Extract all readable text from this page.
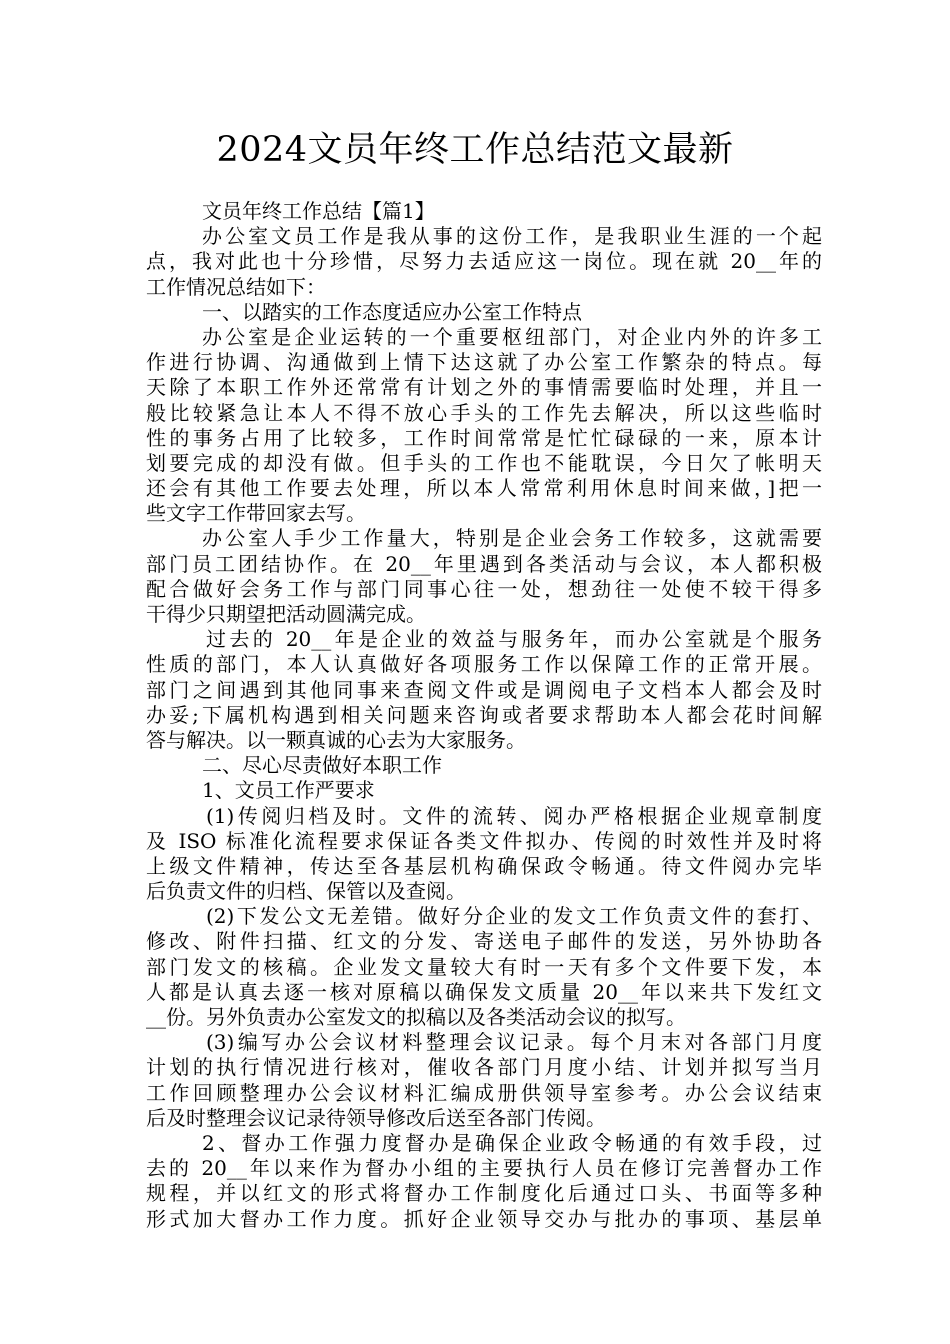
2024文员年终工作总结范文最新
文员年终工作总结【篇1】
办公室文员工作是我从事的这份工作，是我职业生涯的一个起
点，我对此也十分珍惜，尽努力去适应这一岗位。现在就 20__年的
工作情况总结如下：
一、以踏实的工作态度适应办公室工作特点
办公室是企业运转的一个重要枢纽部门，对企业内外的许多工
作进行协调、沟通做到上情下达这就了办公室工作繁杂的特点。每
天除了本职工作外还常常有计划之外的事情需要临时处理，并且一
般比较紧急让本人不得不放心手头的工作先去解决，所以这些临时
性的事务占用了比较多，工作时间常常是忙忙碌碌的一来，原本计
划要完成的却没有做。但手头的工作也不能耽误，今日欠了帐明天
还会有其他工作要去处理，所以本人常常利用休息时间来做，]把一
些文字工作带回家去写。
办公室人手少工作量大，特别是企业会务工作较多，这就需要
部门员工团结协作。在 20__年里遇到各类活动与会议，本人都积极
配合做好会务工作与部门同事心往一处，想劲往一处使不较干得多
干得少只期望把活动圆满完成。
过去的 20__年是企业的效益与服务年，而办公室就是个服务
性质的部门，本人认真做好各项服务工作以保障工作的正常开展。
部门之间遇到其他同事来查阅文件或是调阅电子文档本人都会及时
办妥;下属机构遇到相关问题来咨询或者要求帮助本人都会花时间解
答与解决。以一颗真诚的心去为大家服务。
二、尽心尽责做好本职工作
1、文员工作严要求
(1)传阅归档及时。文件的流转、阅办严格根据企业规章制度
及 ISO 标准化流程要求保证各类文件拟办、传阅的时效性并及时将
上级文件精神，传达至各基层机构确保政令畅通。待文件阅办完毕
后负责文件的归档、保管以及查阅。
(2)下发公文无差错。做好分企业的发文工作负责文件的套打、
修改、附件扫描、红文的分发、寄送电子邮件的发送，另外协助各
部门发文的核稿。企业发文量较大有时一天有多个文件要下发，本
人都是认真去逐一核对原稿以确保发文质量 20__年以来共下发红文
__份。另外负责办公室发文的拟稿以及各类活动会议的拟写。
(3)编写办公会议材料整理会议记录。每个月末对各部门月度
计划的执行情况进行核对，催收各部门月度小结、计划并拟写当月
工作回顾整理办公会议材料汇编成册供领导室参考。办公会议结束
后及时整理会议记录待领导修改后送至各部门传阅。
2、督办工作强力度督办是确保企业政令畅通的有效手段，过
去的 20__年以来作为督办小组的主要执行人员在修订完善督办工作
规程，并以红文的形式将督办工作制度化后通过口头、书面等多种
形式加大督办工作力度。抓好企业领导交办与批办的事项、基层单
